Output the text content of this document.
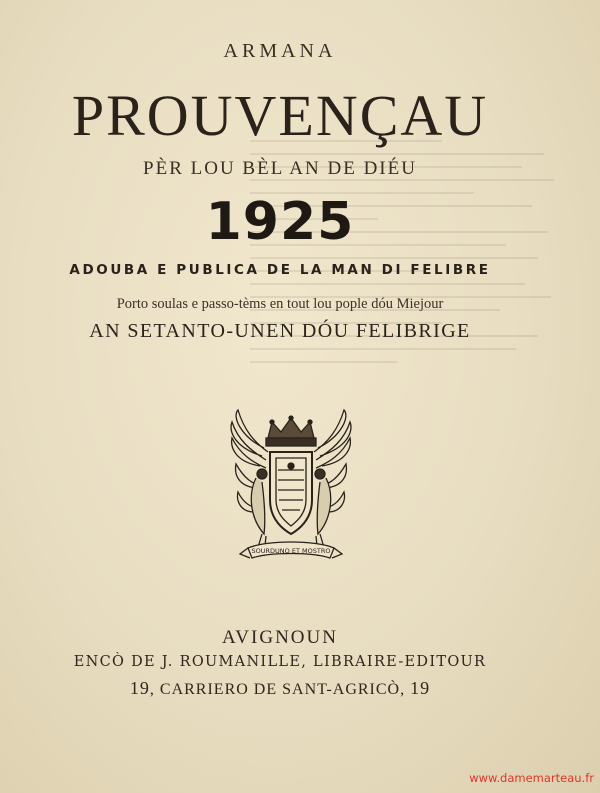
ARMANA
PROUVENÇAU
PÈR LOU BÈL AN DE DIÉU
1925
ADOUBA E PUBLICA DE LA MAN DI FELIBRE
Porto soulas e passo-tèms en tout lou pople dóu Miejour
AN SETANTO-UNEN DÓU FELIBRIGE
SOURDUNO ET MOSTRO
AVIGNOUN
ENCÒ DE J. ROUMANILLE, LIBRAIRE-EDITOUR
19, CARRIERO DE SANT-AGRICÒ, 19
www.damemarteau.fr
